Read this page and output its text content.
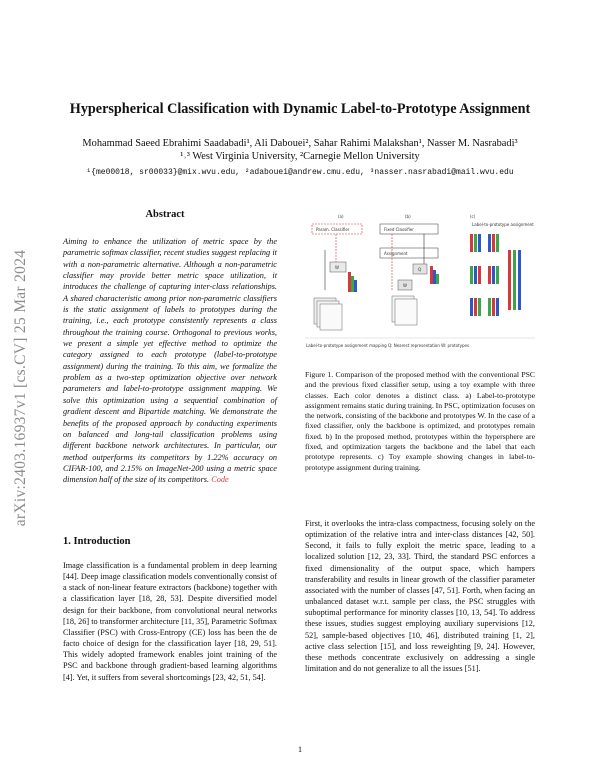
arXiv:2403.16937v1 [cs.CV] 25 Mar 2024
Hyperspherical Classification with Dynamic Label-to-Prototype Assignment
Mohammad Saeed Ebrahimi Saadabadi¹, Ali Dabouei², Sahar Rahimi Malakshan¹, Nasser M. Nasrabadi³
¹˒³ West Virginia University, ²Carnegie Mellon University
¹{me00018, sr00033}@mix.wvu.edu, ²adabouei@andrew.cmu.edu, ³nasser.nasrabadi@mail.wvu.edu
Abstract
Aiming to enhance the utilization of metric space by the parametric softmax classifier, recent studies suggest replacing it with a non-parametric alternative. Although a non-parametric classifier may provide better metric space utilization, it introduces the challenge of capturing inter-class relationships. A shared characteristic among prior non-parametric classifiers is the static assignment of labels to prototypes during the training, i.e., each prototype consistently represents a class throughout the training course. Orthogonal to previous works, we present a simple yet effective method to optimize the category assigned to each prototype (label-to-prototype assignment) during the training. To this aim, we formalize the problem as a two-step optimization objective over network parameters and label-to-prototype assignment mapping. We solve this optimization using a sequential combination of gradient descent and Bipartide matching. We demonstrate the benefits of the proposed approach by conducting experiments on balanced and long-tail classification problems using different backbone network architectures. In particular, our method outperforms its competitors by 1.22% accuracy on CIFAR-100, and 2.15% on ImageNet-200 using a metric space dimension half of the size of its competitors. Code
1. Introduction
Image classification is a fundamental problem in deep learning [44]. Deep image classification models conventionally consist of a stack of non-linear feature extractors (backbone) together with a classification layer [18, 28, 53]. Despite diversified model design for their backbone, from convolutional neural networks [18, 26] to transformer architecture [11, 35], Parametric Softmax Classifier (PSC) with Cross-Entropy (CE) loss has been the de facto choice of design for the classification layer [18, 29, 51]. This widely adopted framework enables joint training of the PSC and backbone through gradient-based learning algorithms [4]. Yet, it suffers from several shortcomings [23, 42, 51, 54].
(a)	(b)	(c)
Param. Classifier
W
Fixed Classifier
Assignment
Q
W
Label-to-prototype assignment
Label-to-prototype assignment mapping Q: Nearest representation W: prototypes
Figure 1. Comparison of the proposed method with the conventional PSC and the previous fixed classifier setup, using a toy example with three classes. Each color denotes a distinct class. a) Label-to-prototype assignment remains static during training. In PSC, optimization focuses on the network, consisting of the backbone and prototypes W. In the case of a fixed classifier, only the backbone is optimized, and prototypes remain fixed. b) In the proposed method, prototypes within the hypersphere are fixed, and optimization targets the backbone and the label that each prototype represents. c) Toy example showing changes in label-to-prototype assignment during training.
First, it overlooks the intra-class compactness, focusing solely on the optimization of the relative intra and inter-class distances [42, 50]. Second, it fails to fully exploit the metric space, leading to a localized solution [12, 23, 33]. Third, the standard PSC enforces a fixed dimensionality of the output space, which hampers transferability and results in linear growth of the classifier parameter associated with the number of classes [47, 51]. Forth, when facing an unbalanced dataset w.r.t. sample per class, the PSC struggles with suboptimal performance for minority classes [10, 13, 54]. To address these issues, studies suggest employing auxiliary supervisions [12, 52], sample-based objectives [10, 46], distributed training [1, 2], active class selection [15], and loss reweighting [9, 24]. However, these methods concentrate exclusively on addressing a single limitation and do not generalize to all the issues [51].
1
